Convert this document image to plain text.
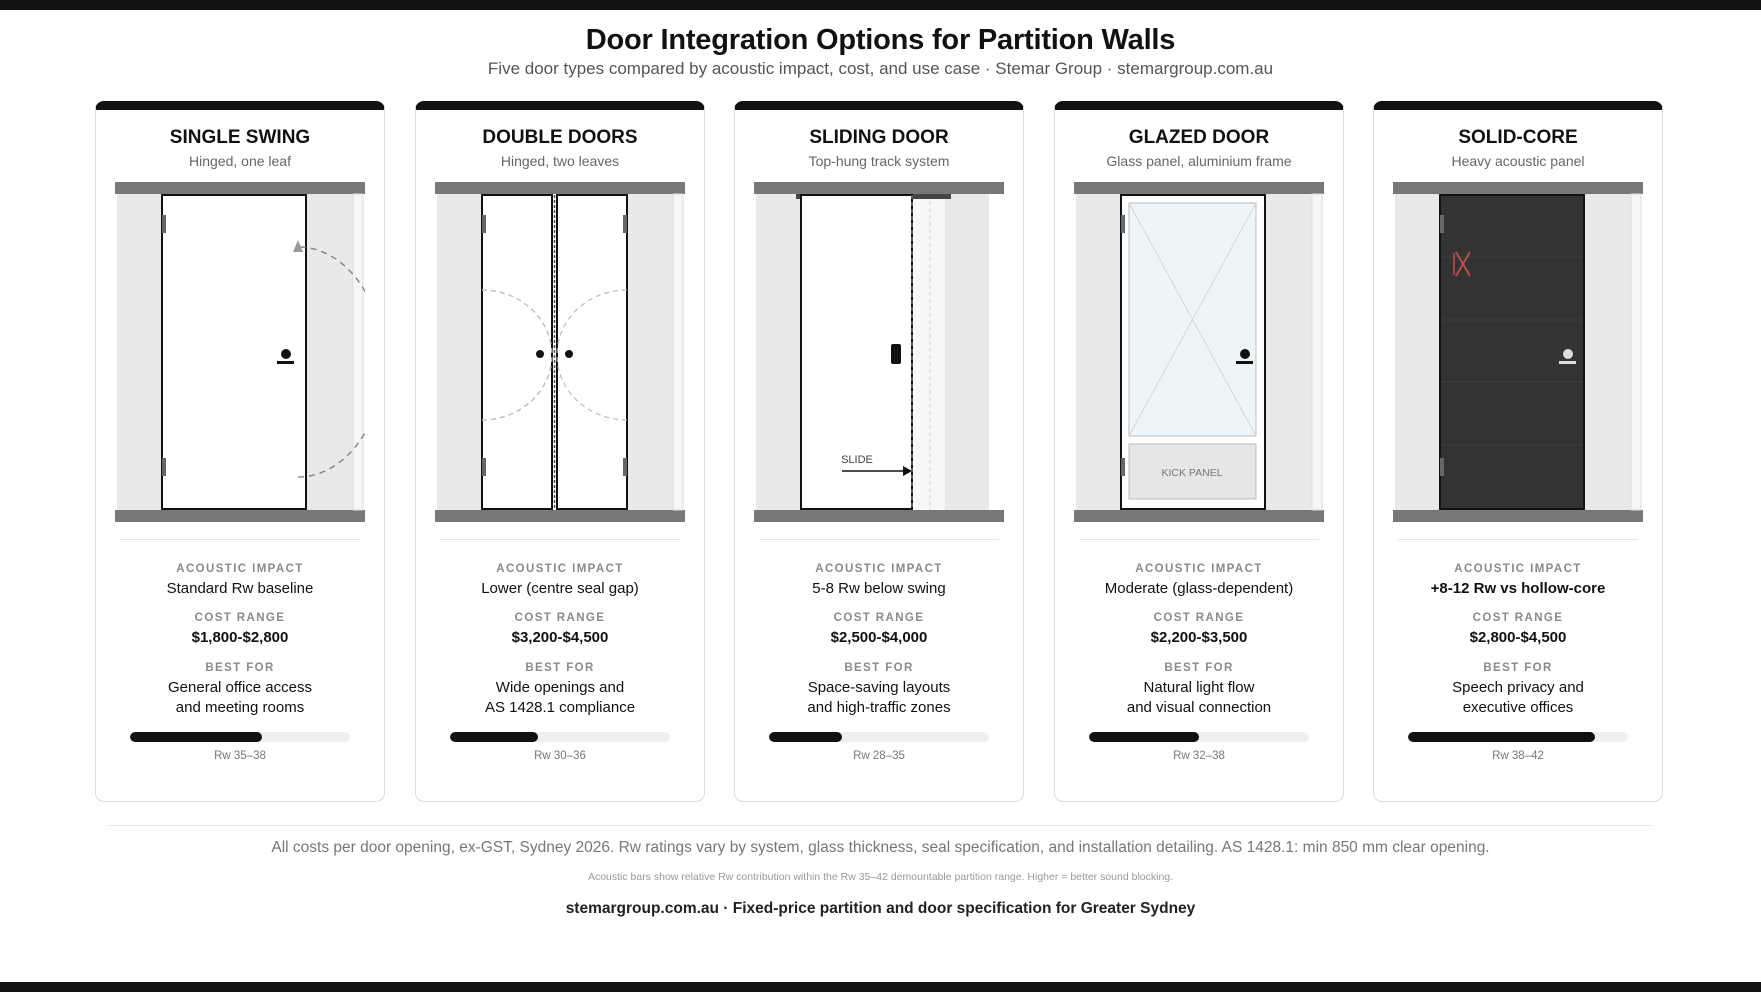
Door Integration Options for Partition Walls
Five door types compared by acoustic impact, cost, and use case · Stemar Group · stemargroup.com.au
SINGLE SWING
Hinged, one leaf
ACOUSTIC IMPACT
Standard Rw baseline
COST RANGE
$1,800-$2,800
BEST FOR
General office access
and meeting rooms
Rw 35–38
DOUBLE DOORS
Hinged, two leaves
ACOUSTIC IMPACT
Lower (centre seal gap)
COST RANGE
$3,200-$4,500
BEST FOR
Wide openings and
AS 1428.1 compliance
Rw 30–36
SLIDING DOOR
Top-hung track system
SLIDE
ACOUSTIC IMPACT
5-8 Rw below swing
COST RANGE
$2,500-$4,000
BEST FOR
Space-saving layouts
and high-traffic zones
Rw 28–35
GLAZED DOOR
Glass panel, aluminium frame
KICK PANEL
ACOUSTIC IMPACT
Moderate (glass-dependent)
COST RANGE
$2,200-$3,500
BEST FOR
Natural light flow
and visual connection
Rw 32–38
SOLID-CORE
Heavy acoustic panel
ACOUSTIC IMPACT
+8-12 Rw vs hollow-core
COST RANGE
$2,800-$4,500
BEST FOR
Speech privacy and
executive offices
Rw 38–42
All costs per door opening, ex-GST, Sydney 2026. Rw ratings vary by system, glass thickness, seal specification, and installation detailing. AS 1428.1: min 850 mm clear opening.
Acoustic bars show relative Rw contribution within the Rw 35–42 demountable partition range. Higher = better sound blocking.
stemargroup.com.au · Fixed-price partition and door specification for Greater Sydney
